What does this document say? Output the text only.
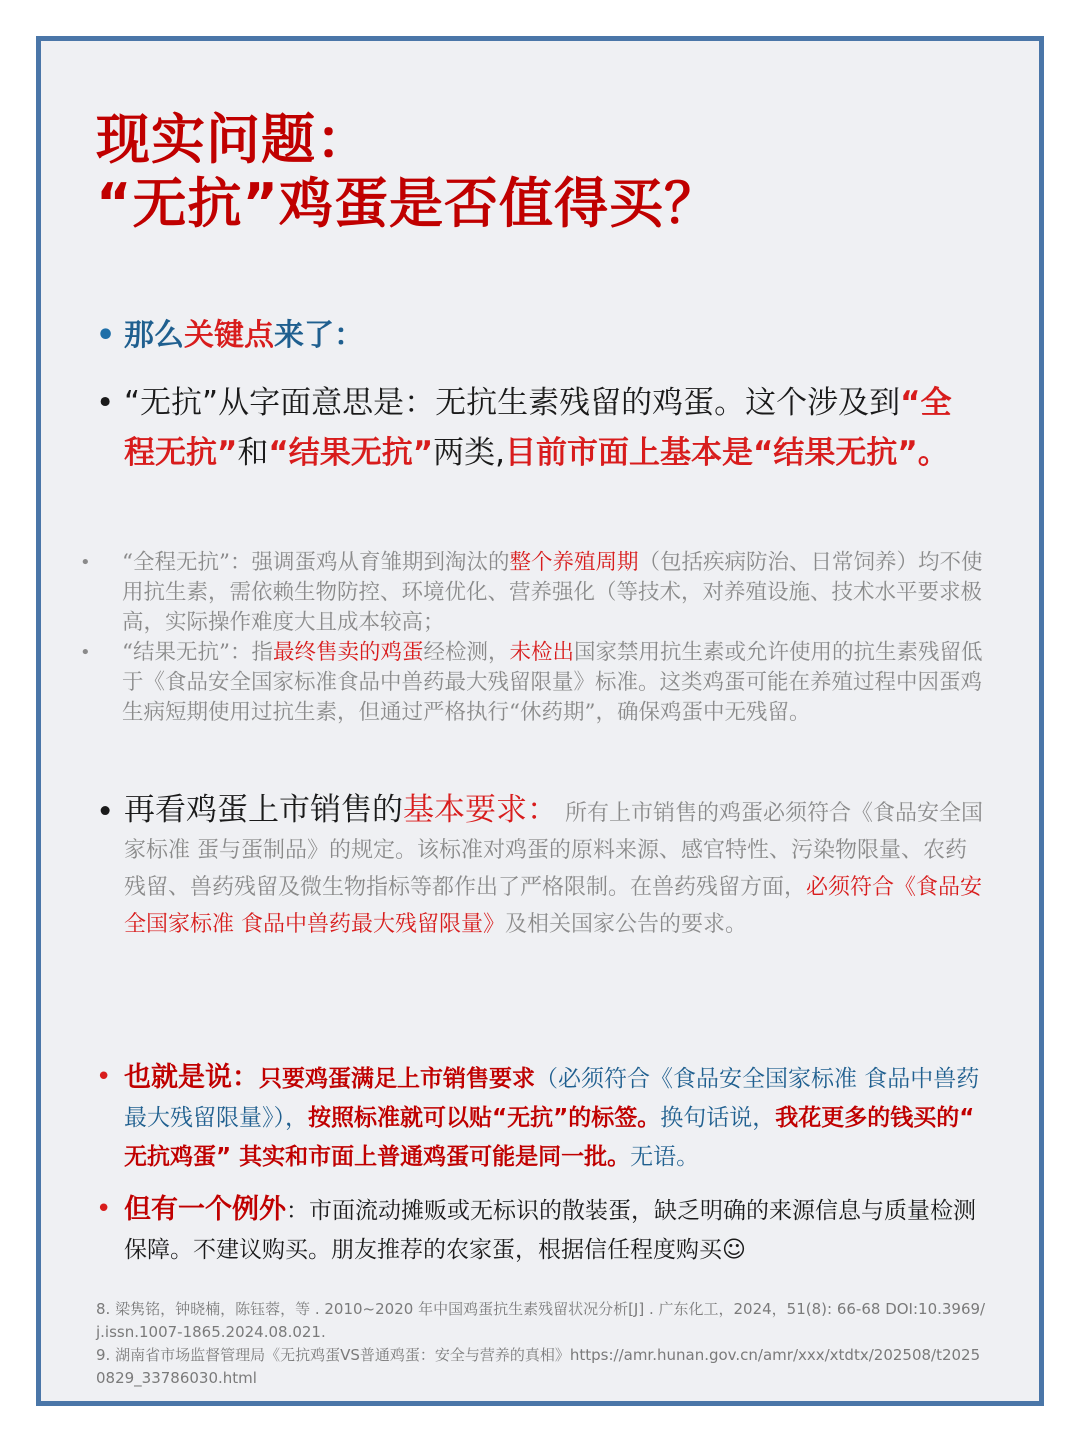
现实问题：
“无抗”鸡蛋是否值得买？
• 那么关键点来了：
• “无抗”从字面意思是：无抗生素残留的鸡蛋。这个涉及到“全程无抗”和“结果无抗”两类,目前市面上基本是“结果无抗”。
• “全程无抗”：强调蛋鸡从育雏期到淘汰的整个养殖周期（包括疾病防治、日常饲养）均不使用抗生素，需依赖生物防控、环境优化、营养强化（等技术，对养殖设施、技术水平要求极高，实际操作难度大且成本较高；
• “结果无抗”：指最终售卖的鸡蛋经检测，未检出国家禁用抗生素或允许使用的抗生素残留低于《食品安全国家标准食品中兽药最大残留限量》标准。这类鸡蛋可能在养殖过程中因蛋鸡生病短期使用过抗生素，但通过严格执行“休药期”，确保鸡蛋中无残留。
• 再看鸡蛋上市销售的基本要求： 所有上市销售的鸡蛋必须符合《食品安全国家标准 蛋与蛋制品》的规定。该标准对鸡蛋的原料来源、感官特性、污染物限量、农药残留、兽药残留及微生物指标等都作出了严格限制。在兽药残留方面，必须符合《食品安全国家标准 食品中兽药最大残留限量》及相关国家公告的要求。
• 也就是说：只要鸡蛋满足上市销售要求（必须符合《食品安全国家标准 食品中兽药最大残留限量》），按照标准就可以贴“无抗”的标签。换句话说，我花更多的钱买的“ 无抗鸡蛋” 其实和市面上普通鸡蛋可能是同一批。无语。
• 但有一个例外：市面流动摊贩或无标识的散装蛋，缺乏明确的来源信息与质量检测保障。不建议购买。朋友推荐的农家蛋，根据信任程度购买☺
8. 梁隽铭，钟晓楠，陈钰蓉，等 . 2010~2020 年中国鸡蛋抗生素残留状况分析[J] . 广东化工，2024，51(8): 66-68 DOI:10.3969/j.issn.1007-1865.2024.08.021.
9. 湖南省市场监督管理局《无抗鸡蛋VS普通鸡蛋：安全与营养的真相》https://amr.hunan.gov.cn/amr/xxx/xtdtx/202508/t20250829_33786030.html
